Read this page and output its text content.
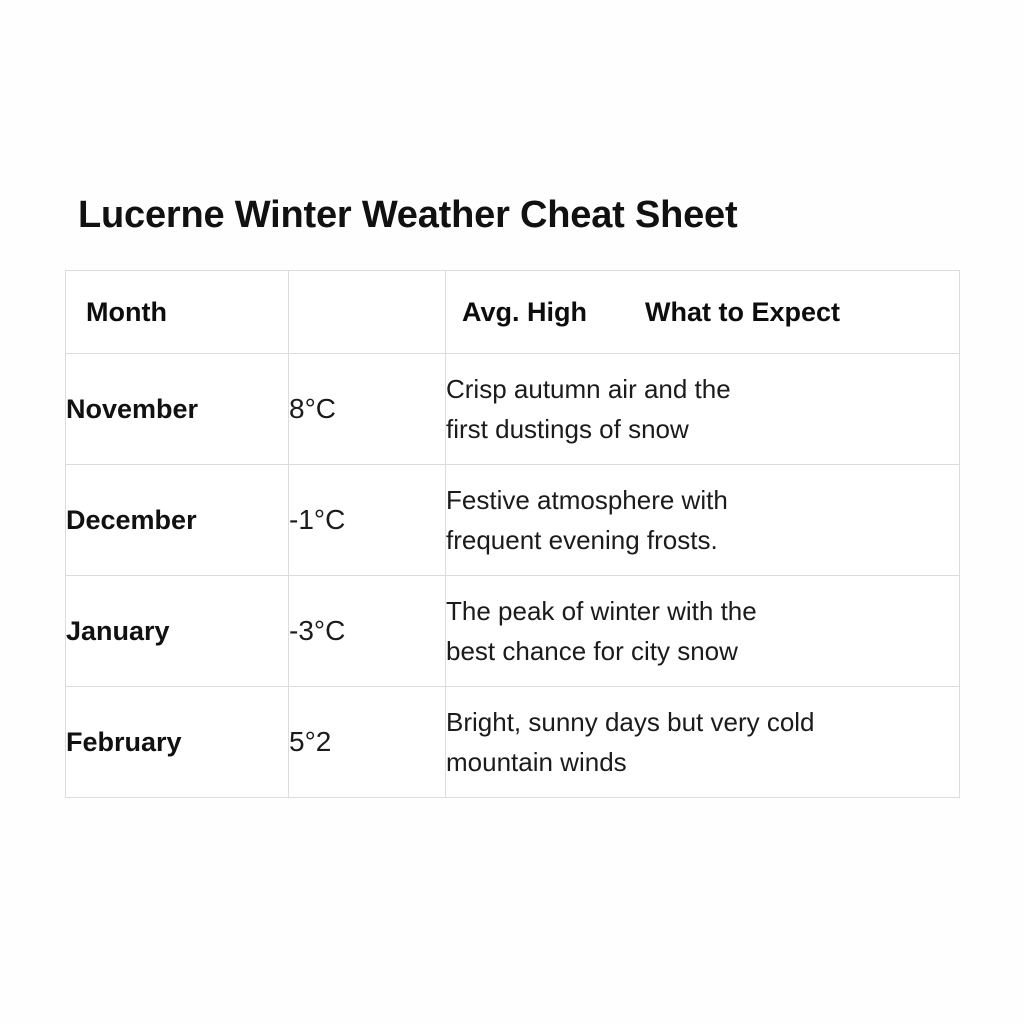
Lucerne Winter Weather Cheat Sheet
Month		Avg. High What to Expect

November	8°C	Crisp autumn air and the
first dustings of snow

December	-1°C	Festive atmosphere with
frequent evening frosts.

January	-3°C	The peak of winter with the
best chance for city snow

February	5°2	Bright, sunny days but very cold
mountain winds
